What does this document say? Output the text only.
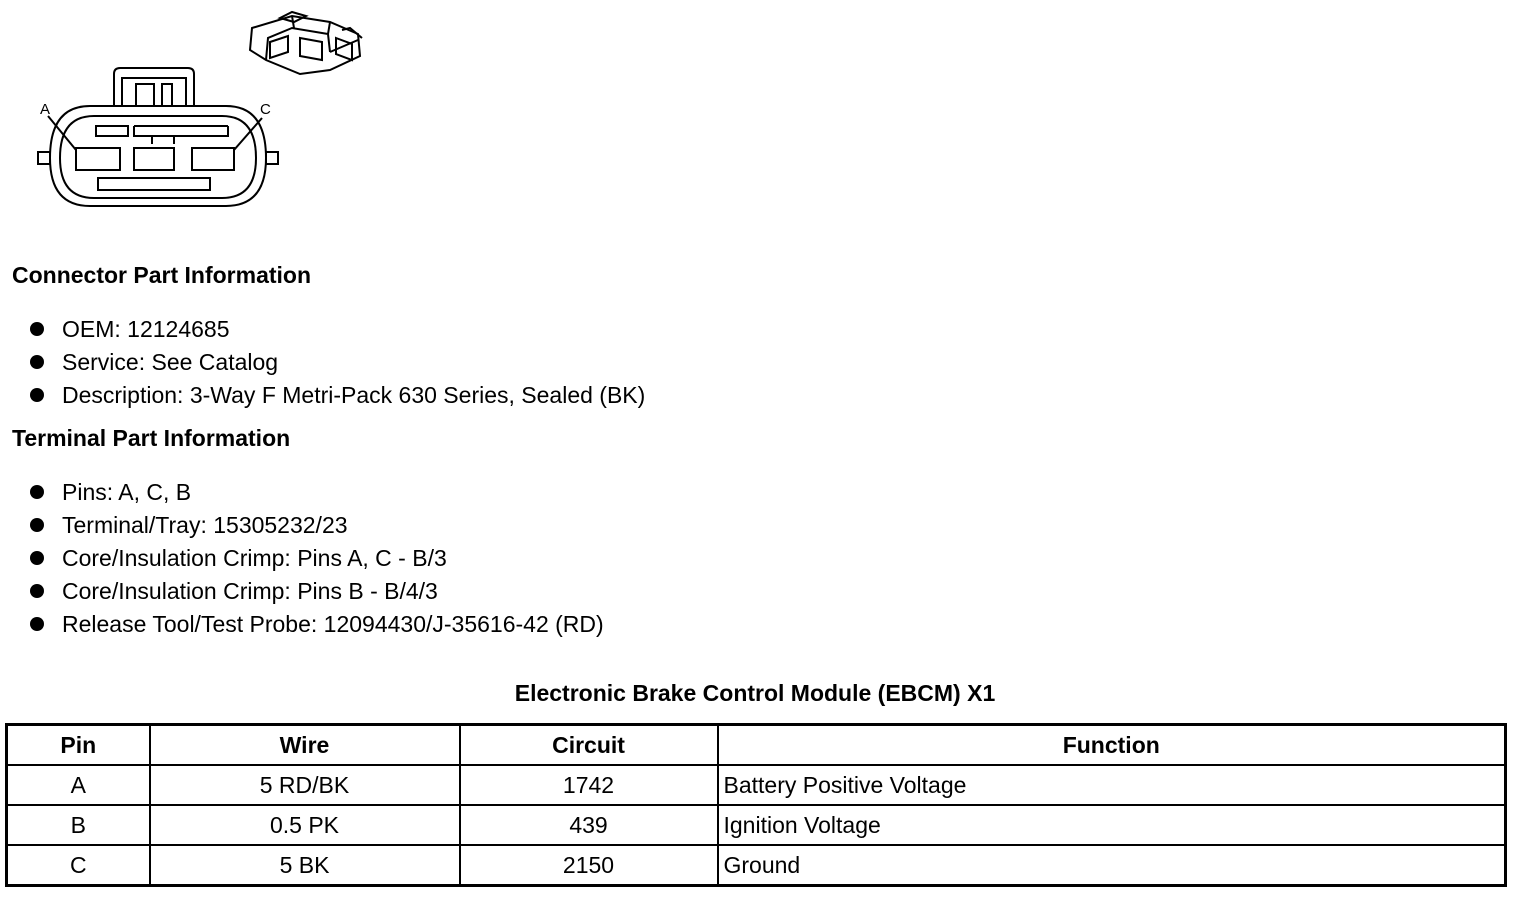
A	C
Connector Part Information
OEM: 12124685
Service: See Catalog
Description: 3-Way F Metri-Pack 630 Series, Sealed (BK)
Terminal Part Information
Pins: A, C, B
Terminal/Tray: 15305232/23
Core/Insulation Crimp: Pins A, C - B/3
Core/Insulation Crimp: Pins B - B/4/3
Release Tool/Test Probe: 12094430/J-35616-42 (RD)
Electronic Brake Control Module (EBCM) X1
Pin	Wire	Circuit	Function
A	5 RD/BK	1742	Battery Positive Voltage
B	0.5 PK	439	Ignition Voltage
C	5 BK	2150	Ground
